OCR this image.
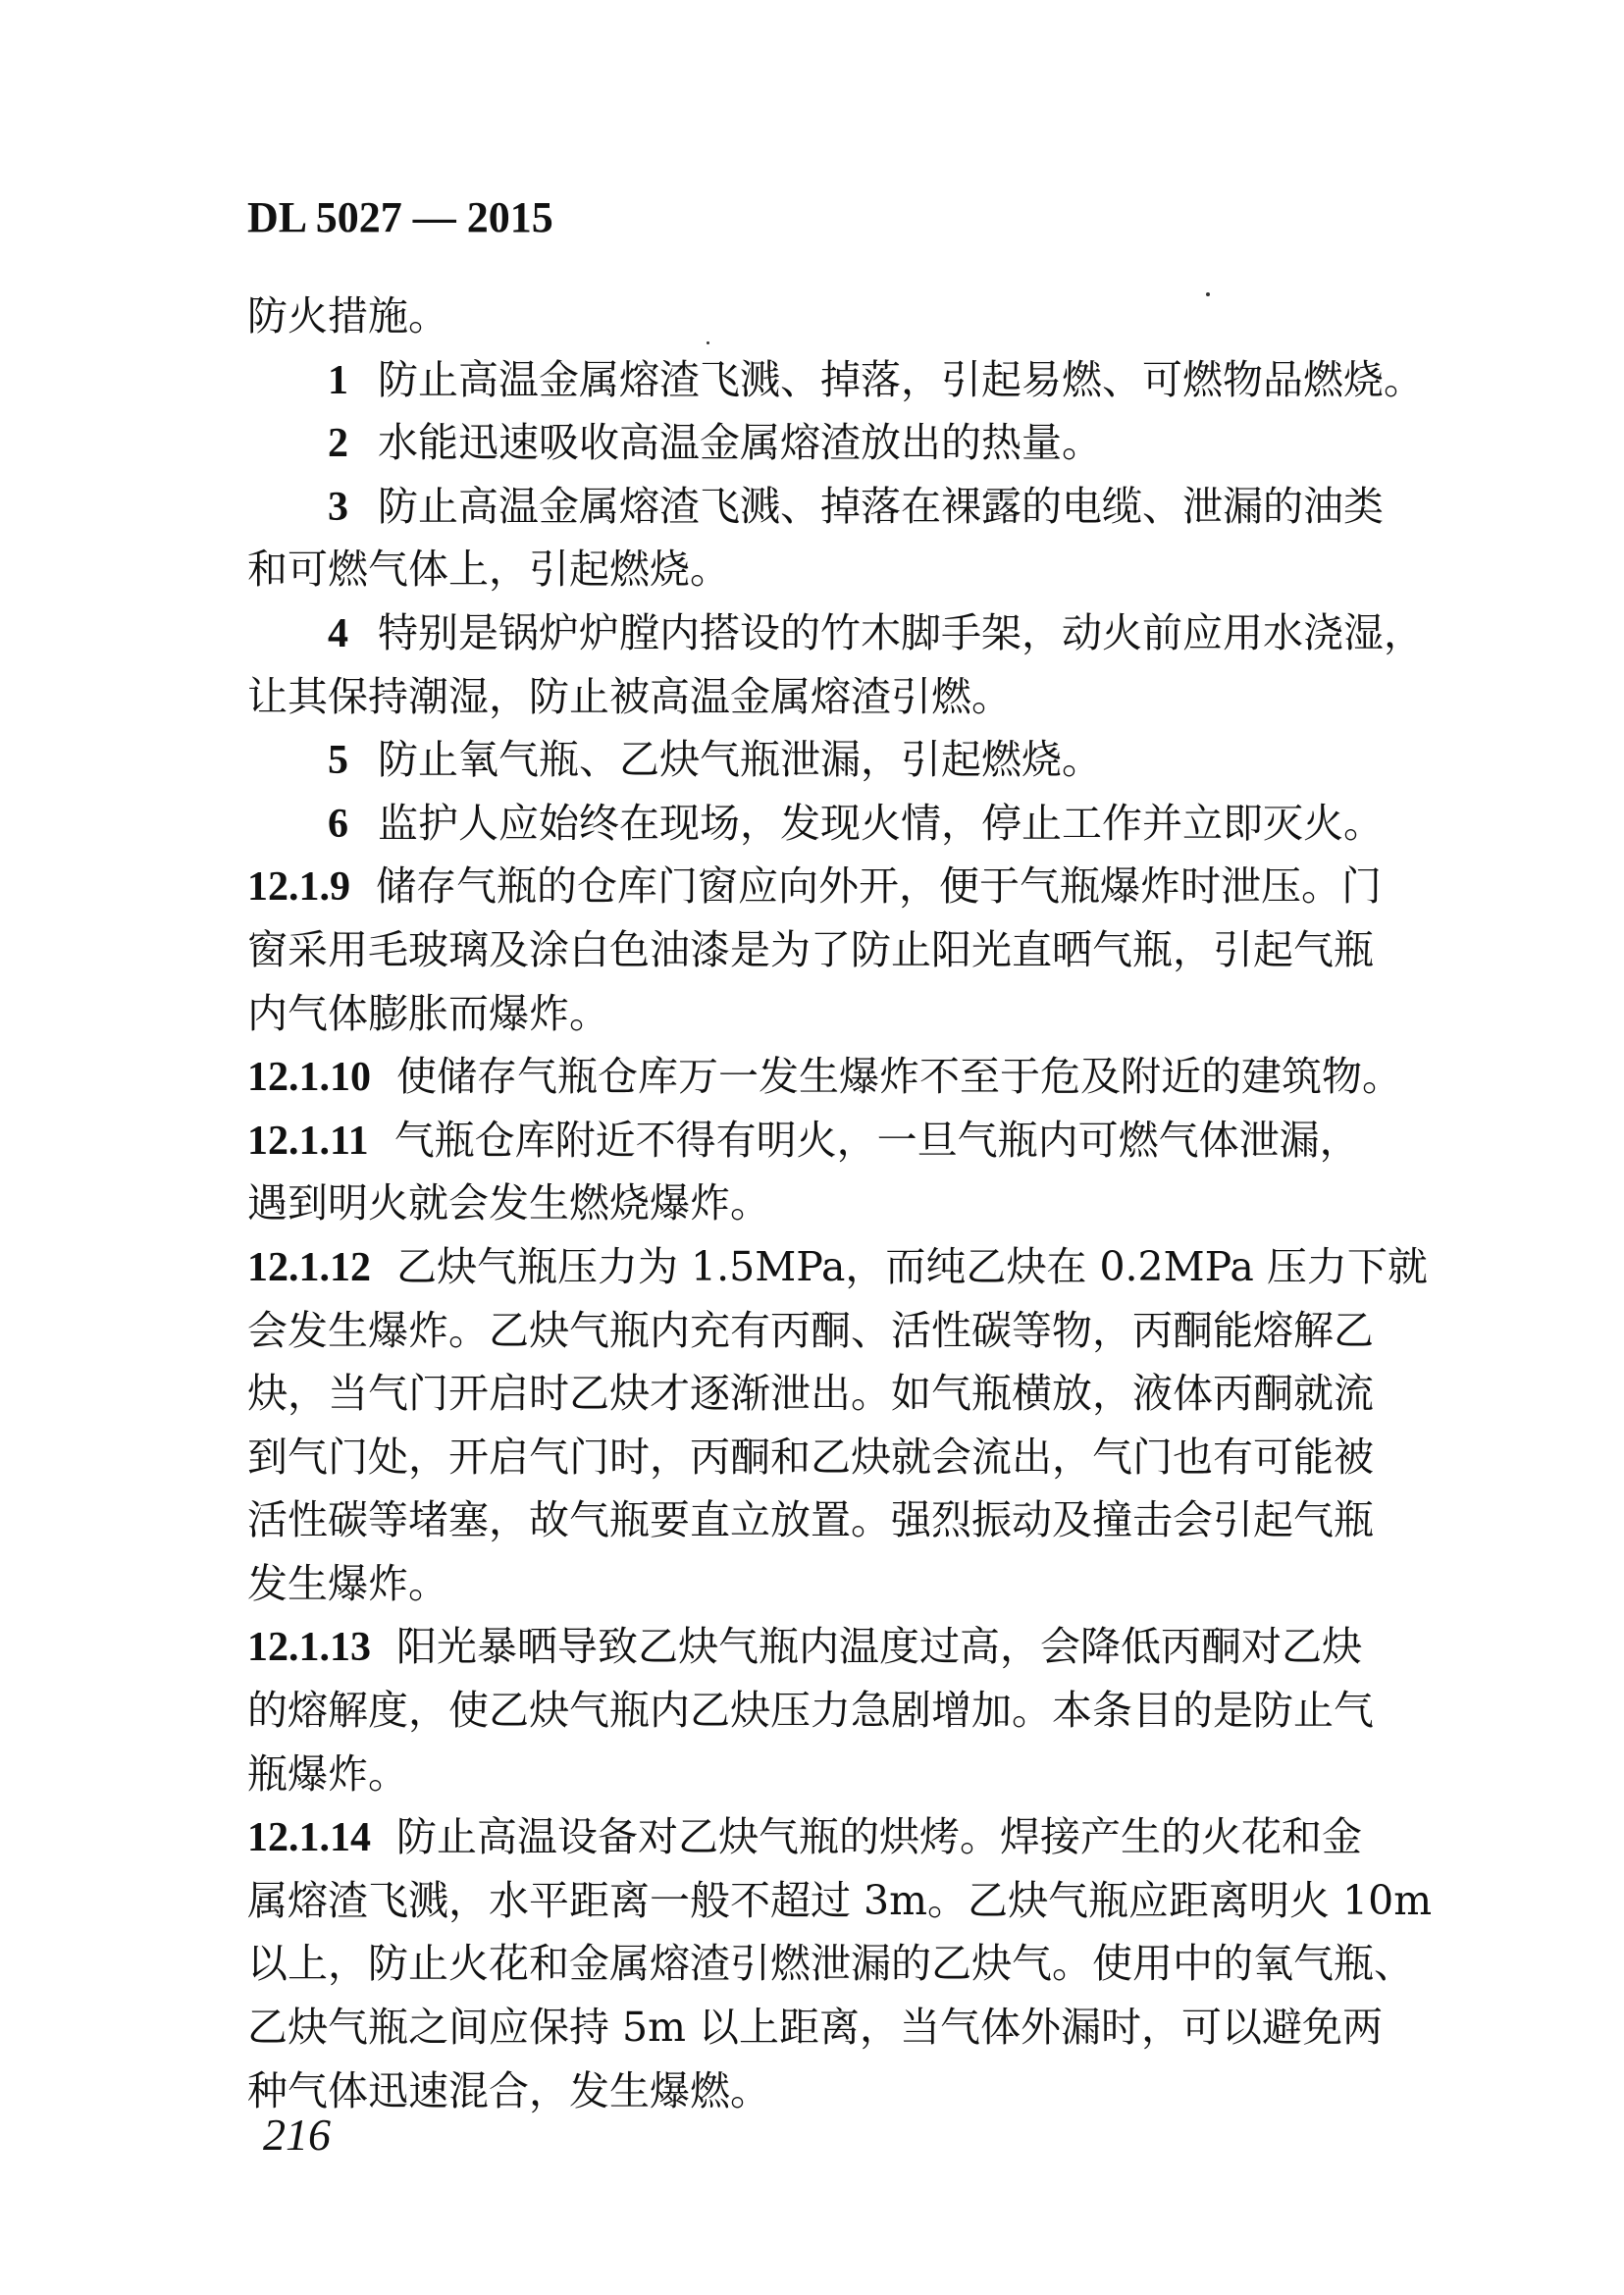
DL 5027 — 2015
防火措施。
1 防止高温金属熔渣飞溅、掉落，引起易燃、可燃物品燃烧。
2 水能迅速吸收高温金属熔渣放出的热量。
3 防止高温金属熔渣飞溅、掉落在裸露的电缆、泄漏的油类
和可燃气体上，引起燃烧。
4 特别是锅炉炉膛内搭设的竹木脚手架，动火前应用水浇湿，
让其保持潮湿，防止被高温金属熔渣引燃。
5 防止氧气瓶、乙炔气瓶泄漏，引起燃烧。
6 监护人应始终在现场，发现火情，停止工作并立即灭火。
12.1.9 储存气瓶的仓库门窗应向外开，便于气瓶爆炸时泄压。门
窗采用毛玻璃及涂白色油漆是为了防止阳光直晒气瓶，引起气瓶
内气体膨胀而爆炸。
12.1.10 使储存气瓶仓库万一发生爆炸不至于危及附近的建筑物。
12.1.11 气瓶仓库附近不得有明火，一旦气瓶内可燃气体泄漏，
遇到明火就会发生燃烧爆炸。
12.1.12 乙炔气瓶压力为 1.5MPa，而纯乙炔在 0.2MPa 压力下就
会发生爆炸。乙炔气瓶内充有丙酮、活性碳等物，丙酮能熔解乙
炔，当气门开启时乙炔才逐渐泄出。如气瓶横放，液体丙酮就流
到气门处，开启气门时，丙酮和乙炔就会流出，气门也有可能被
活性碳等堵塞，故气瓶要直立放置。强烈振动及撞击会引起气瓶
发生爆炸。
12.1.13 阳光暴晒导致乙炔气瓶内温度过高，会降低丙酮对乙炔
的熔解度，使乙炔气瓶内乙炔压力急剧增加。本条目的是防止气
瓶爆炸。
12.1.14 防止高温设备对乙炔气瓶的烘烤。焊接产生的火花和金
属熔渣飞溅，水平距离一般不超过 3m。乙炔气瓶应距离明火 10m
以上，防止火花和金属熔渣引燃泄漏的乙炔气。使用中的氧气瓶、
乙炔气瓶之间应保持 5m 以上距离，当气体外漏时，可以避免两
种气体迅速混合，发生爆燃。
216
